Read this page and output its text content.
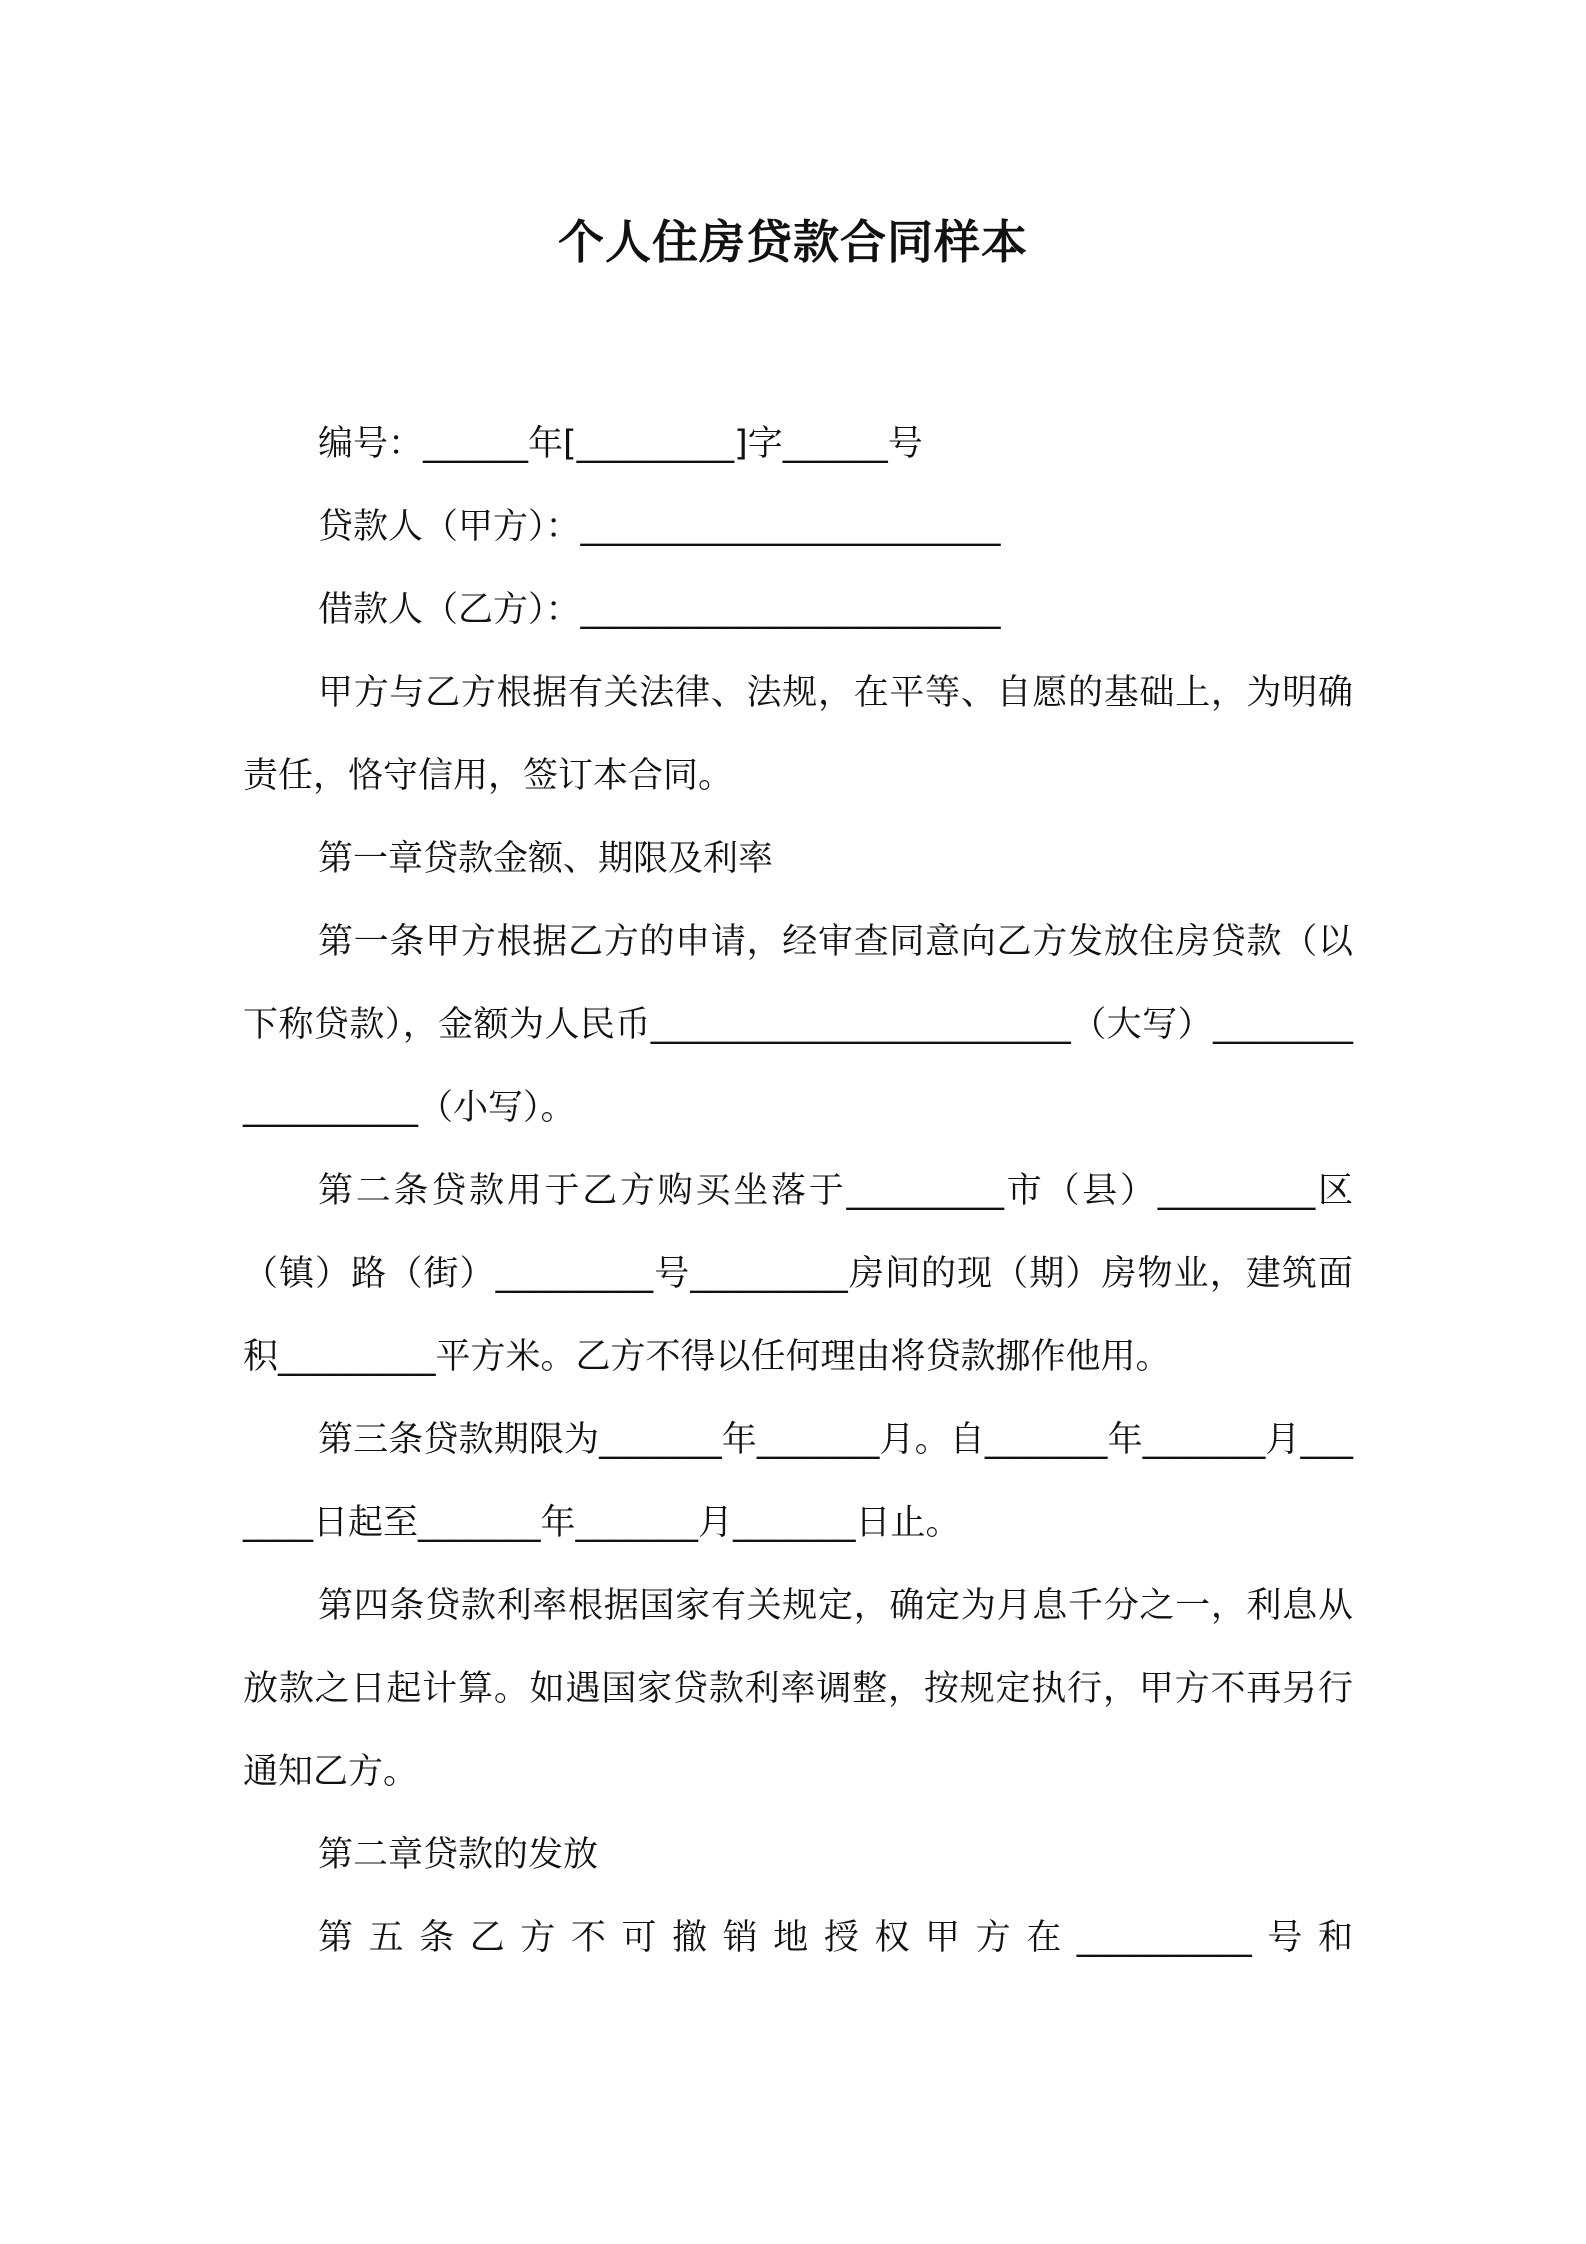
个人住房贷款合同样本

编号：______年[_________]字______号

贷款人（甲方）：________________________

借款人（乙方）：________________________

甲方与乙方根据有关法律、法规，在平等、自愿的基础上，为明确责任，恪守信用，签订本合同。

第一章贷款金额、期限及利率

第一条甲方根据乙方的申请，经审查同意向乙方发放住房贷款（以下称贷款），金额为人民币________________________（大写）__________________（小写）。

第二条贷款用于乙方购买坐落于_________市（县）_________区（镇）路（街）_________号_________房间的现（期）房物业，建筑面积_________平方米。乙方不得以任何理由将贷款挪作他用。

第三条贷款期限为_______年_______月。自_______年_______月_______日起至_______年_______月_______日止。

第四条贷款利率根据国家有关规定，确定为月息千分之一，利息从放款之日起计算。如遇国家贷款利率调整，按规定执行，甲方不再另行通知乙方。

第二章贷款的发放

第五条乙方不可撤销地授权甲方在__________号和
